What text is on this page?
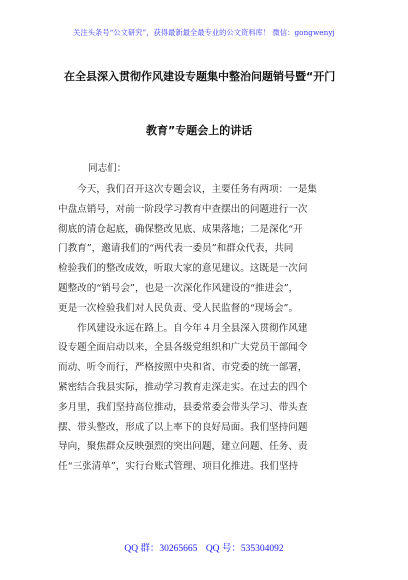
关注头条号“公文研究”，获得最新最全最专业的公文资料库！ 微信：gongwenyj
在全县深入贯彻作风建设专题集中整治问题销号暨“开门
教育”专题会上的讲话
同志们：
　　今天，我们召开这次专题会议，主要任务有两项：一是集
中盘点销号，对前一阶段学习教育中查摆出的问题进行一次
彻底的清仓起底，确保整改见底、成果落地；二是深化“开
门教育”，邀请我们的“两代表一委员”和群众代表，共同
检验我们的整改成效，听取大家的意见建议。这既是一次问
题整改的“销号会”，也是一次深化作风建设的“推进会”，
更是一次检验我们对人民负责、受人民监督的“现场会”。
　　作风建设永远在路上。自今年４月全县深入贯彻作风建
设专题全面启动以来，全县各级党组织和广大党员干部闻令
而动、听令而行，严格按照中央和省、市党委的统一部署，
紧密结合我县实际，推动学习教育走深走实。在过去的四个
多月里，我们坚持高位推动，县委常委会带头学习、带头查
摆、带头整改，形成了以上率下的良好局面。我们坚持问题
导向，聚焦群众反映强烈的突出问题，建立问题、任务、责
任“三张清单”，实行台账式管理、项目化推进。我们坚持
QQ 群：30265665 QQ 号：535304092
